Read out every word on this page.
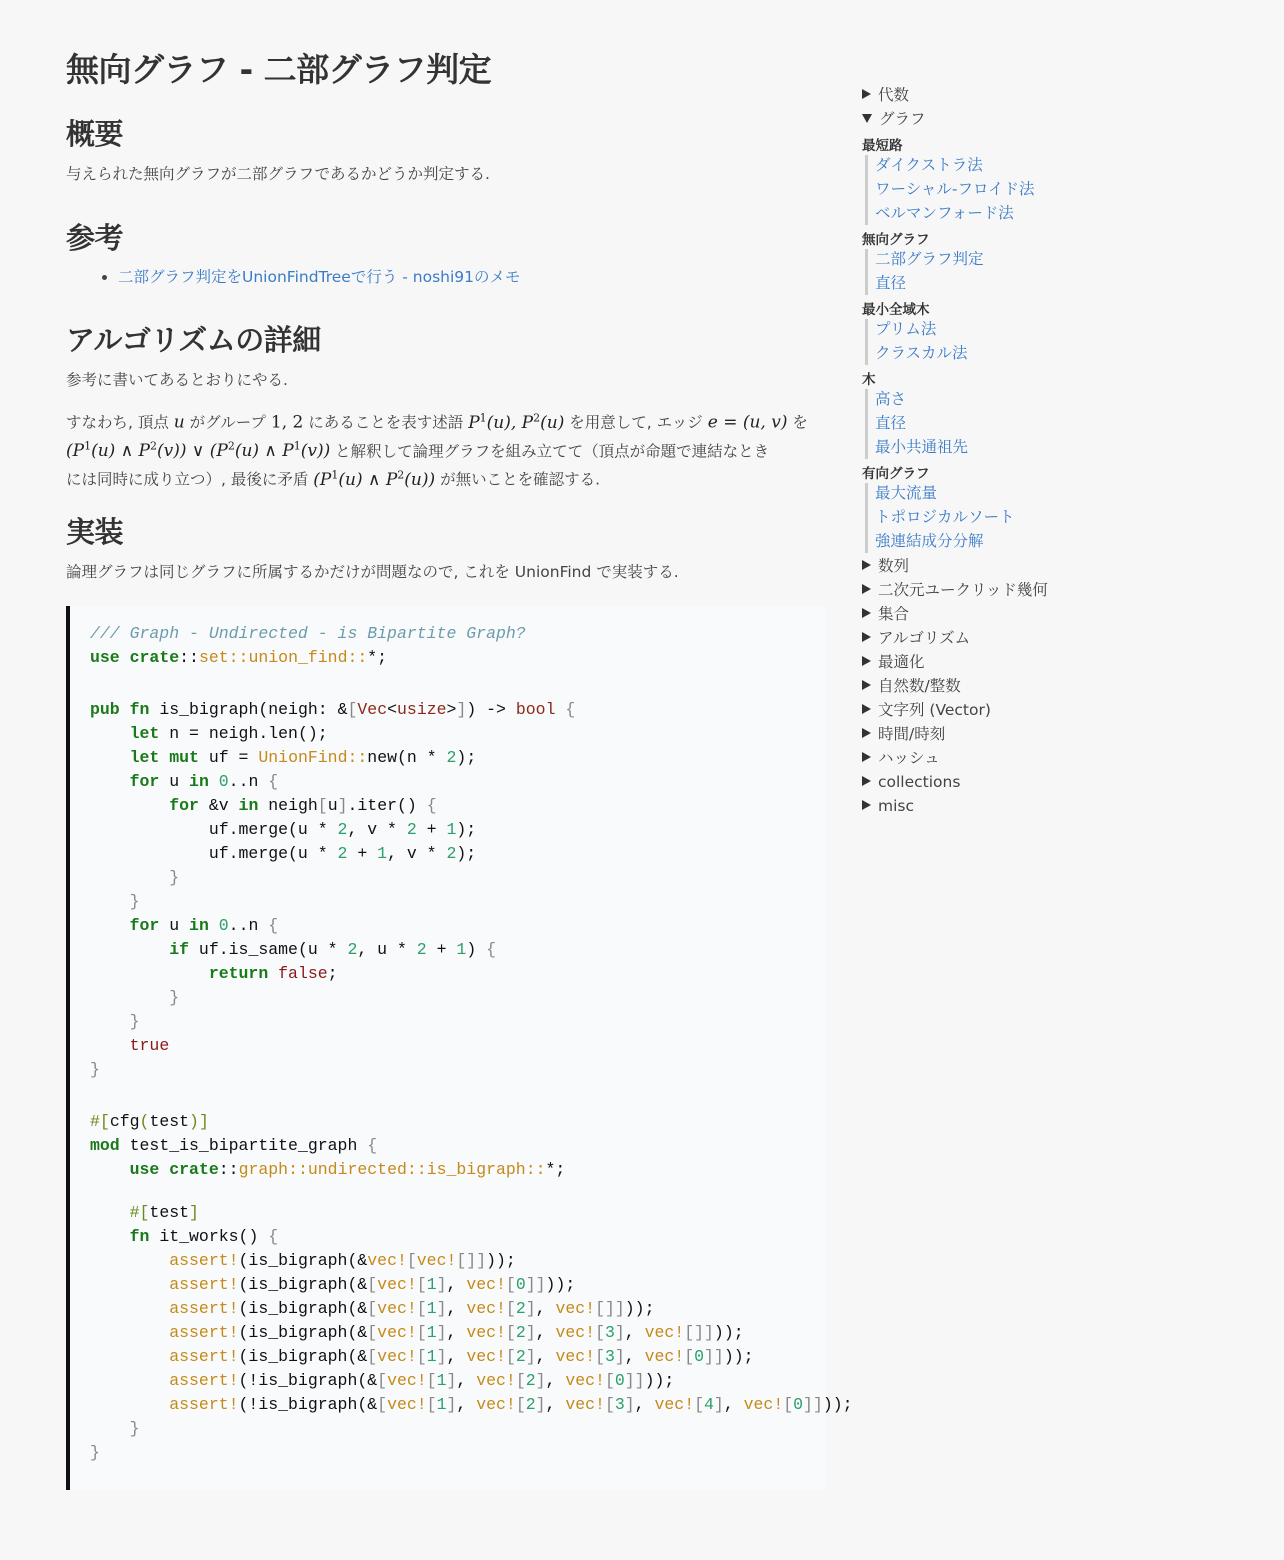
無向グラフ - 二部グラフ判定
概要

与えられた無向グラフが二部グラフであるかどうか判定する.

参考
• 二部グラフ判定をUnionFindTreeで行う - noshi91のメモ
アルゴリズムの詳細

参考に書いてあるとおりにやる.

すなわち, 頂点 u がグループ 1, 2 にあることを表す述語 $P^1(u)$, $P^2(u)$ を用意して, エッジ e = (u, v) を
($P^1(u)$ ∧ $P^2(v)$) ∨ ($P^2(u)$ ∧ $P^1(v)$) と解釈して論理グラフを組み立てて（頂点が命題で連結なとき
には同時に成り立つ）, 最後に矛盾 ($P^1(u)$ ∧ $P^2(u)$) が無いことを確認する.

実装

論理グラフは同じグラフに所属するかだけが問題なので, これを UnionFind で実装する.

/// Graph - Undirected - is Bipartite Graph?
use crate::set::union_find::*;
pub fn is_bigraph(neigh: &[Vec<usize>]) -> bool {
let n = neigh.len();
let mut uf = UnionFind::new(n * 2);
for u in 0..n {
for &v in neigh[u].iter() {
uf.merge(u * 2, v * 2 + 1);
uf.merge(u * 2 + 1, v * 2);
}
}
for u in 0..n {
if uf.is_same(u * 2, u * 2 + 1) {
return false;
}
}
true
}
#[cfg(test)]
mod test_is_bipartite_graph {
use crate::graph::undirected::is_bigraph::*;
#[test]
fn it_works() {
assert!(is_bigraph(&vec![vec![]]));
assert!(is_bigraph(&[vec![1], vec![0]]));
assert!(is_bigraph(&[vec![1], vec![2], vec![]]));
assert!(is_bigraph(&[vec![1], vec![2], vec![3], vec![]]));
assert!(is_bigraph(&[vec![1], vec![2], vec![3], vec![0]]));
assert!(!is_bigraph(&[vec![1], vec![2], vec![0]]));
assert!(!is_bigraph(&[vec![1], vec![2], vec![3], vec![4], vec![0]]));
}
}
代数
グラフ
最短路
ダイクストラ法
ワーシャル-フロイド法
ベルマンフォード法
無向グラフ
二部グラフ判定
直径
最小全域木
プリム法
クラスカル法
木
高さ
直径
最小共通祖先
有向グラフ
最大流量
トポロジカルソート
強連結成分分解
数列
二次元ユークリッド幾何
集合
アルゴリズム
最適化
自然数/整数
文字列 (Vector)
時間/時刻
ハッシュ
collections
misc
